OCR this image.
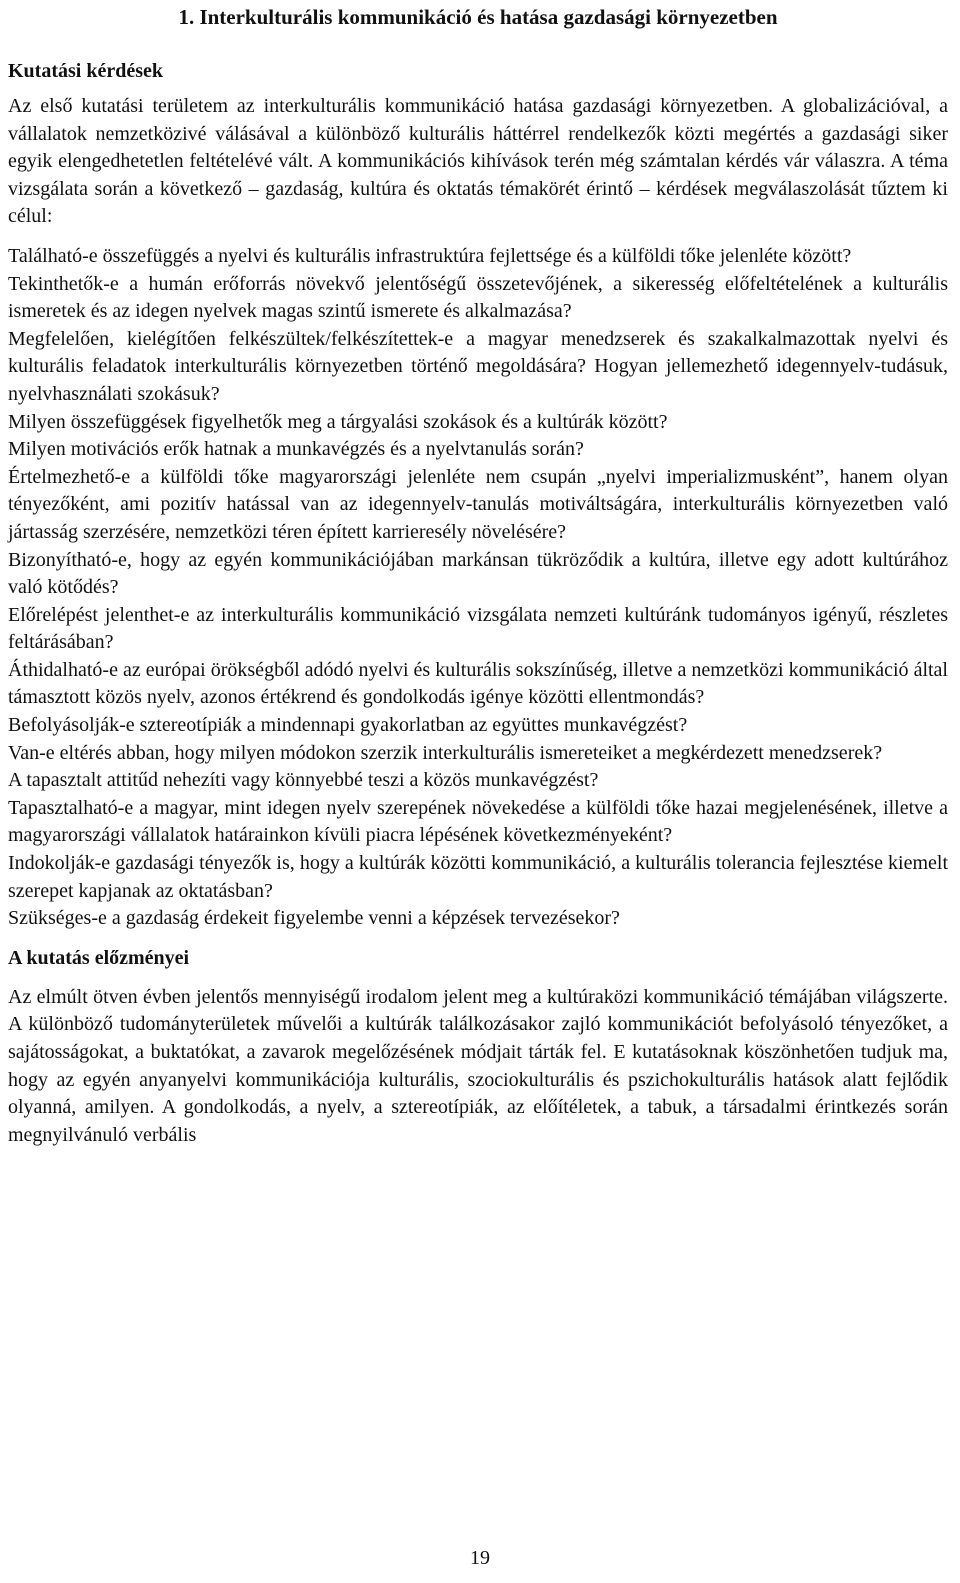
1. Interkulturális kommunikáció és hatása gazdasági környezetben
Kutatási kérdések

Az első kutatási területem az interkulturális kommunikáció hatása gazdasági környezetben. A globalizációval, a vállalatok nemzetközivé válásával a különböző kulturális háttérrel rendelkezők közti megértés a gazdasági siker egyik elengedhetetlen feltételévé vált. A kommunikációs kihívások terén még számtalan kérdés vár válaszra. A téma vizsgálata során a következő – gazdaság, kultúra és oktatás témakörét érintő – kérdések megválaszolását tűztem ki célul:

Található-e összefüggés a nyelvi és kulturális infrastruktúra fejlettsége és a külföldi tőke jelenléte között?

Tekinthetők-e a humán erőforrás növekvő jelentőségű összetevőjének, a sikeresség előfeltételének a kulturális ismeretek és az idegen nyelvek magas szintű ismerete és alkalmazása?

Megfelelően, kielégítően felkészültek/felkészítettek-e a magyar menedzserek és szakalkalmazottak nyelvi és kulturális feladatok interkulturális környezetben történő megoldására? Hogyan jellemezhető idegennyelv-tudásuk, nyelvhasználati szokásuk?

Milyen összefüggések figyelhetők meg a tárgyalási szokások és a kultúrák között?

Milyen motivációs erők hatnak a munkavégzés és a nyelvtanulás során?

Értelmezhető-e a külföldi tőke magyarországi jelenléte nem csupán „nyelvi imperializmusként”, hanem olyan tényezőként, ami pozitív hatással van az idegennyelv-tanulás motiváltságára, interkulturális környezetben való jártasság szerzésére, nemzetközi téren épített karrieresély növelésére?

Bizonyítható-e, hogy az egyén kommunikációjában markánsan tükröződik a kultúra, illetve egy adott kultúrához való kötődés?

Előrelépést jelenthet-e az interkulturális kommunikáció vizsgálata nemzeti kultúránk tudományos igényű, részletes feltárásában?

Áthidalható-e az európai örökségből adódó nyelvi és kulturális sokszínűség, illetve a nemzetközi kommunikáció által támasztott közös nyelv, azonos értékrend és gondolkodás igénye közötti ellentmondás?

Befolyásolják-e sztereotípiák a mindennapi gyakorlatban az együttes munkavégzést?

Van-e eltérés abban, hogy milyen módokon szerzik interkulturális ismereteiket a megkérdezett menedzserek?

A tapasztalt attitűd nehezíti vagy könnyebbé teszi a közös munkavégzést?

Tapasztalható-e a magyar, mint idegen nyelv szerepének növekedése a külföldi tőke hazai megjelenésének, illetve a magyarországi vállalatok határainkon kívüli piacra lépésének következményeként?

Indokolják-e gazdasági tényezők is, hogy a kultúrák közötti kommunikáció, a kulturális tolerancia fejlesztése kiemelt szerepet kapjanak az oktatásban?

Szükséges-e a gazdaság érdekeit figyelembe venni a képzések tervezésekor?

A kutatás előzményei

Az elmúlt ötven évben jelentős mennyiségű irodalom jelent meg a kultúraközi kommunikáció témájában világszerte. A különböző tudományterületek művelői a kultúrák találkozásakor zajló kommunikációt befolyásoló tényezőket, a sajátosságokat, a buktatókat, a zavarok megelőzésének módjait tárták fel. E kutatásoknak köszönhetően tudjuk ma, hogy az egyén anyanyelvi kommunikációja kulturális, szociokulturális és pszichokulturális hatások alatt fejlődik olyanná, amilyen. A gondolkodás, a nyelv, a sztereotípiák, az előítéletek, a tabuk, a társadalmi érintkezés során megnyilvánuló verbális

19
